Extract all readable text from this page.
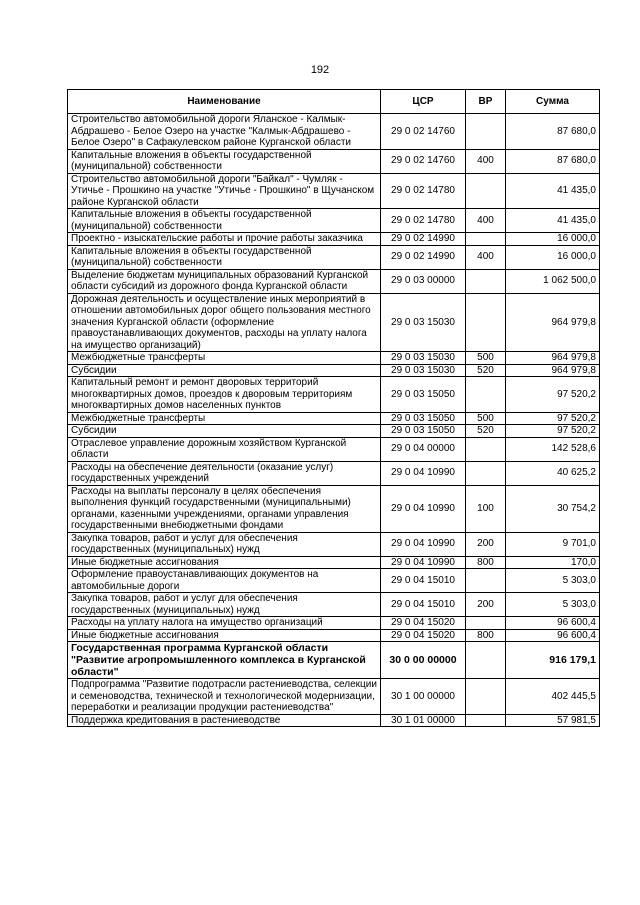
192
Наименование	ЦСР	ВР	Сумма
Строительство автомобильной дороги Яланское - Калмык-Абдрашево - Белое Озеро на участке "Калмык-Абдрашево - Белое Озеро" в Сафакулевском районе Курганской области	29 0 02 14760		87 680,0
Капитальные вложения в объекты государственной (муниципальной) собственности	29 0 02 14760	400	87 680,0
Строительство автомобильной дороги "Байкал" - Чумляк - Утичье - Прошкино на участке "Утичье - Прошкино" в Щучанском районе Курганской области	29 0 02 14780		41 435,0
Капитальные вложения в объекты государственной (муниципальной) собственности	29 0 02 14780	400	41 435,0
Проектно - изыскательские работы и прочие работы заказчика	29 0 02 14990		16 000,0
Капитальные вложения в объекты государственной (муниципальной) собственности	29 0 02 14990	400	16 000,0
Выделение бюджетам муниципальных образований Курганской области субсидий из дорожного фонда Курганской области	29 0 03 00000		1 062 500,0
Дорожная деятельность и осуществление иных мероприятий в отношении автомобильных дорог общего пользования местного значения Курганской области (оформление правоустанавливающих документов, расходы на уплату налога на имущество организаций)	29 0 03 15030		964 979,8
Межбюджетные трансферты	29 0 03 15030	500	964 979,8
Субсидии	29 0 03 15030	520	964 979,8
Капитальный ремонт и ремонт дворовых территорий многоквартирных домов, проездов к дворовым территориям многоквартирных домов населенных пунктов	29 0 03 15050		97 520,2
Межбюджетные трансферты	29 0 03 15050	500	97 520,2
Субсидии	29 0 03 15050	520	97 520,2
Отраслевое управление дорожным хозяйством Курганской области	29 0 04 00000		142 528,6
Расходы на обеспечение деятельности (оказание услуг) государственных учреждений	29 0 04 10990		40 625,2
Расходы на выплаты персоналу в целях обеспечения выполнения функций государственными (муниципальными) органами, казенными учреждениями, органами управления государственными внебюджетными фондами	29 0 04 10990	100	30 754,2
Закупка товаров, работ и услуг для обеспечения государственных (муниципальных) нужд	29 0 04 10990	200	9 701,0
Иные бюджетные ассигнования	29 0 04 10990	800	170,0
Оформление правоустанавливающих документов на автомобильные дороги	29 0 04 15010		5 303,0
Закупка товаров, работ и услуг для обеспечения государственных (муниципальных) нужд	29 0 04 15010	200	5 303,0
Расходы на уплату налога на имущество организаций	29 0 04 15020		96 600,4
Иные бюджетные ассигнования	29 0 04 15020	800	96 600,4
Государственная программа Курганской области "Развитие агропромышленного комплекса в Курганской области"	30 0 00 00000		916 179,1
Подпрограмма "Развитие подотрасли растениеводства, селекции и семеноводства, технической и технологической модернизации, переработки и реализации продукции растениеводства"	30 1 00 00000		402 445,5
Поддержка кредитования в растениеводстве	30 1 01 00000		57 981,5
